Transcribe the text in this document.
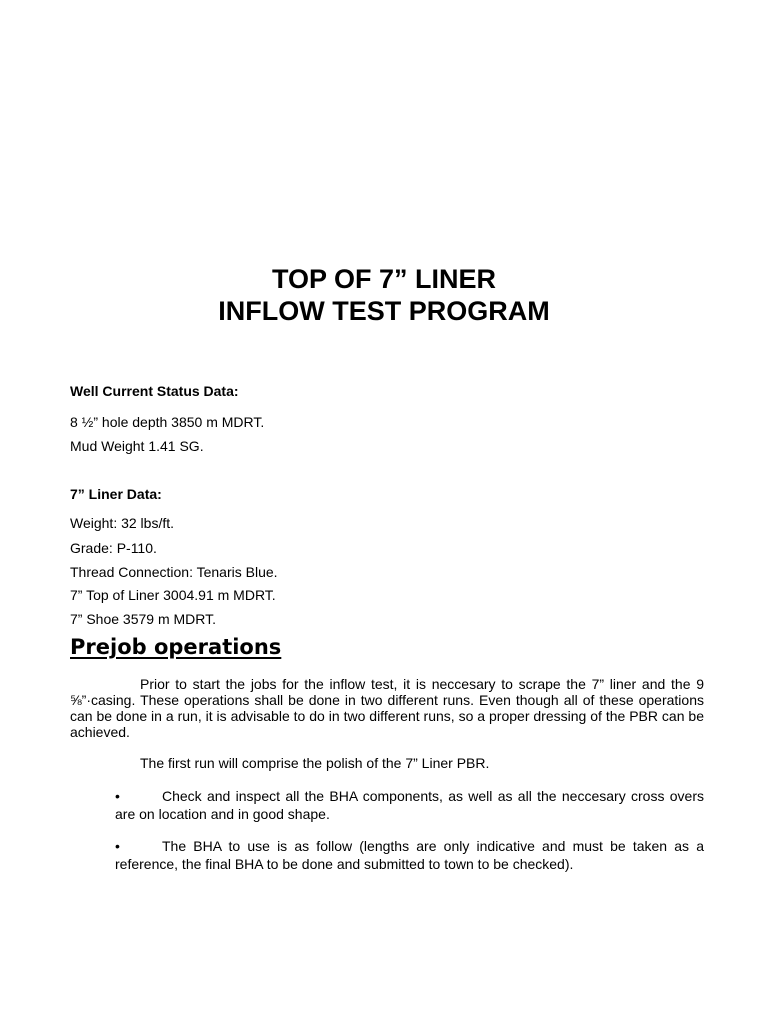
TOP OF 7” LINER
INFLOW TEST PROGRAM
Well Current Status Data:
8 ½” hole depth 3850 m MDRT.
Mud Weight 1.41 SG.
7” Liner Data:
Weight: 32 lbs/ft.
Grade: P-110.
Thread Connection: Tenaris Blue.
7” Top of Liner 3004.91 m MDRT.
7” Shoe 3579 m MDRT.
Prejob operations
Prior to start the jobs for the inflow test, it is neccesary to scrape the 7” liner and the 9 ⅝”·casing. These operations shall be done in two different runs. Even though all of these operations can be done in a run, it is advisable to do in two different runs, so a proper dressing of the PBR can be achieved.
The first run will comprise the polish of the 7” Liner PBR.
•	Check and inspect all the BHA components, as well as all the neccesary cross overs are on location and in good shape.
•	The BHA to use is as follow (lengths are only indicative and must be taken as a reference, the final BHA to be done and submitted to town to be checked).
